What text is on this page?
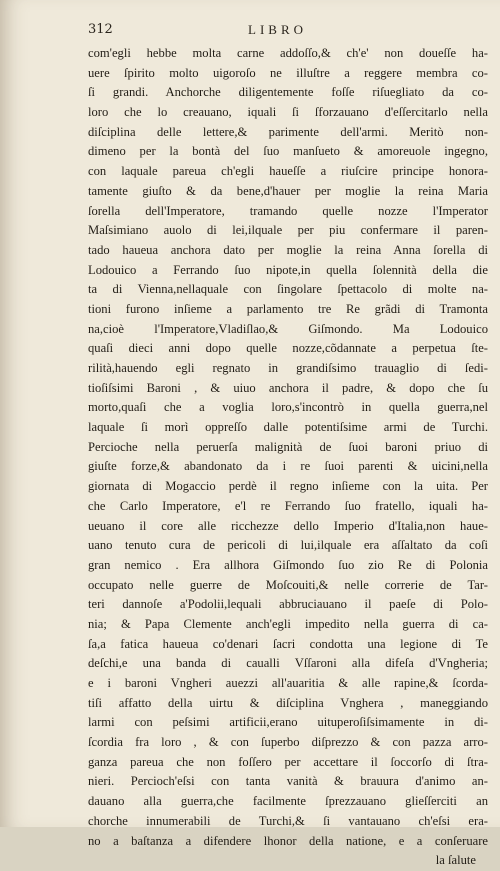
312	LIBRO
com'egli hebbe molta carne addoſſo,& ch'e' non doueſſe ha-
uere ſpirito molto uigoroſo ne illuſtre a reggere membra co-
ſi grandi. Anchorche diligentemente foſſe riſuegliato da co-
loro che lo creauano, iquali ſi ſforzauano d'eſſercitarlo nella
diſciplina delle lettere,& parimente dell'armi. Meritò non-
dimeno per la bontà del ſuo manſueto & amoreuole ingegno,
con laquale pareua ch'egli haueſſe a riuſcire principe honora-
tamente giuſto & da bene,d'hauer per moglie la reina Maria
ſorella dell'Imperatore, tramando quelle nozze l'Imperator
Maſsimiano auolo di lei,ilquale per piu confermare il paren-
tado haueua anchora dato per moglie la reina Anna ſorella di
Lodouico a Ferrando ſuo nipote,in quella ſolennità della die
ta di Vienna,nellaquale con ſingolare ſpettacolo di molte na-
tioni furono inſieme a parlamento tre Re grãdi di Tramonta
na,cioè l'Imperatore,Vladiſlao,& Giſmondo. Ma Lodouico
quaſi dieci anni dopo quelle nozze,cõdannate a perpetua ſte-
rilità,hauendo egli regnato in grandiſsimo trauaglio di ſedi-
tioſiſsimi Baroni , & uiuo anchora il padre, & dopo che ſu
morto,quaſi che a voglia loro,s'incontrò in quella guerra,nel
laquale ſi morì oppreſſo dalle potentiſsime armi de Turchi.
Percioche nella peruerſa malignità de ſuoi baroni priuo di
giuſte forze,& abandonato da i re ſuoi parenti & uicini,nella
giornata di Mogaccio perdè il regno inſieme con la uita. Per
che Carlo Imperatore, e'l re Ferrando ſuo fratello, iquali ha-
ueuano il core alle ricchezze dello Imperio d'Italia,non haue-
uano tenuto cura de pericoli di lui,ilquale era aſſaltato da coſi
gran nemico . Era allhora Giſmondo ſuo zio Re di Polonia
occupato nelle guerre de Moſcouiti,& nelle correrie de Tar-
teri dannoſe a'Podolii,lequali abbruciauano il paeſe di Polo-
nia; & Papa Clemente anch'egli impedito nella guerra di ca-
ſa,a fatica haueua co'denari ſacri condotta una legione di Te
deſchi,e una banda di caualli Vſſaroni alla difeſa d'Vngheria;
e i baroni Vngheri auezzi all'auaritia & alle rapine,& ſcorda-
tiſi affatto della uirtu & diſciplina Vnghera , maneggiando
larmi con peſsimi artificii,erano uituperoſiſsimamente in di-
ſcordia fra loro , & con ſuperbo diſprezzo & con pazza arro-
ganza pareua che non foſſero per accettare il ſoccorſo di ſtra-
nieri. Percioch'eſsi con tanta vanità & brauura d'animo an-
dauano alla guerra,che facilmente ſprezzauano glieſſerciti an
chorche innumerabili de Turchi,& ſi vantauano ch'eſsi era-
no a baſtanza a difendere lhonor della natione, e a conſeruare
la ſalute
